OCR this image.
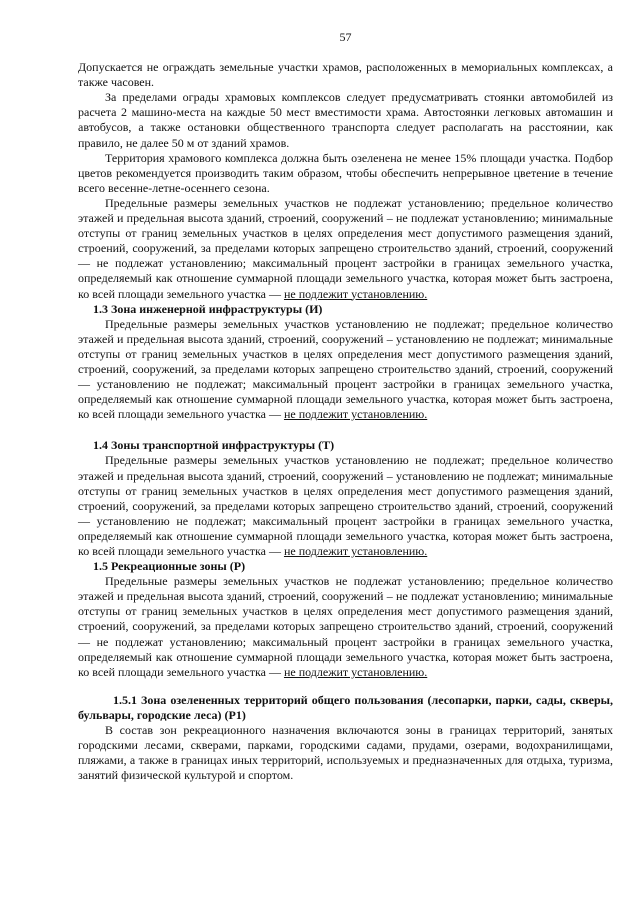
57

Допускается не ограждать земельные участки храмов, расположенных в мемориальных комплексах, а также часовен.

За пределами ограды храмовых комплексов следует предусматривать стоянки автомобилей из расчета 2 машино-места на каждые 50 мест вместимости храма. Автостоянки легковых автомашин и автобусов, а также остановки общественного транспорта следует располагать на расстоянии, как правило, не далее 50 м от зданий храмов.

Территория храмового комплекса должна быть озеленена не менее 15% площади участка. Подбор цветов рекомендуется производить таким образом, чтобы обеспечить непрерывное цветение в течение всего весенне-летне-осеннего сезона.

Предельные размеры земельных участков не подлежат установлению; предельное количество этажей и предельная высота зданий, строений, сооружений – не подлежат установлению; минимальные отступы от границ земельных участков в целях определения мест допустимого размещения зданий, строений, сооружений, за пределами которых запрещено строительство зданий, строений, сооружений — не подлежат установлению; максимальный процент застройки в границах земельного участка, определяемый как отношение суммарной площади земельного участка, которая может быть застроена, ко всей площади земельного участка — не подлежит установлению.

1.3 Зона инженерной инфраструктуры (И)

Предельные размеры земельных участков установлению не подлежат; предельное количество этажей и предельная высота зданий, строений, сооружений – установлению не подлежат; минимальные отступы от границ земельных участков в целях определения мест допустимого размещения зданий, строений, сооружений, за пределами которых запрещено строительство зданий, строений, сооружений — установлению не подлежат; максимальный процент застройки в границах земельного участка, определяемый как отношение суммарной площади земельного участка, которая может быть застроена, ко всей площади земельного участка — не подлежит установлению.

1.4 Зоны транспортной инфраструктуры (Т)

Предельные размеры земельных участков установлению не подлежат; предельное количество этажей и предельная высота зданий, строений, сооружений – установлению не подлежат; минимальные отступы от границ земельных участков в целях определения мест допустимого размещения зданий, строений, сооружений, за пределами которых запрещено строительство зданий, строений, сооружений — установлению не подлежат; максимальный процент застройки в границах земельного участка, определяемый как отношение суммарной площади земельного участка, которая может быть застроена, ко всей площади земельного участка — не подлежит установлению.

1.5 Рекреационные зоны (Р)

Предельные размеры земельных участков не подлежат установлению; предельное количество этажей и предельная высота зданий, строений, сооружений – не подлежат установлению; минимальные отступы от границ земельных участков в целях определения мест допустимого размещения зданий, строений, сооружений, за пределами которых запрещено строительство зданий, строений, сооружений — не подлежат установлению; максимальный процент застройки в границах земельного участка, определяемый как отношение суммарной площади земельного участка, которая может быть застроена, ко всей площади земельного участка — не подлежит установлению.

1.5.1 Зона озелененных территорий общего пользования (лесопарки, парки, сады, скверы, бульвары, городские леса) (Р1)

В состав зон рекреационного назначения включаются зоны в границах территорий, занятых городскими лесами, скверами, парками, городскими садами, прудами, озерами, водохранилищами, пляжами, а также в границах иных территорий, используемых и предназначенных для отдыха, туризма, занятий физической культурой и спортом.
